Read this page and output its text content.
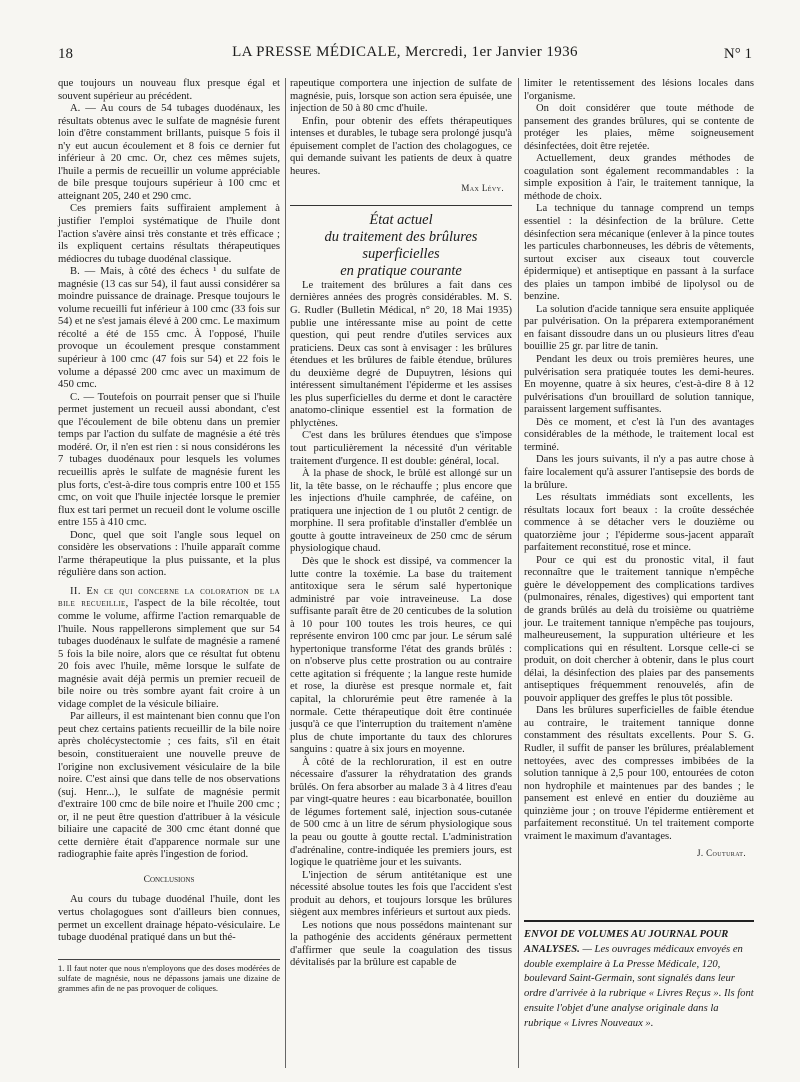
18	LA PRESSE MÉDICALE, Mercredi, 1er Janvier 1936	N° 1

que toujours un nouveau flux presque égal et souvent supérieur au précédent.

A. — Au cours de 54 tubages duodénaux, les résultats obtenus avec le sulfate de magnésie furent loin d'être constamment brillants, puisque 5 fois il n'y eut aucun écoulement et 8 fois ce dernier fut inférieur à 20 cmc. Or, chez ces mêmes sujets, l'huile a permis de recueillir un volume appréciable de bile presque toujours supérieur à 100 cmc et atteignant 205, 240 et 290 cmc.

Ces premiers faits suffiraient amplement à justifier l'emploi systématique de l'huile dont l'action s'avère ainsi très constante et très efficace ; ils expliquent certains résultats thérapeutiques médiocres du tubage duodénal classique.

B. — Mais, à côté des échecs ¹ du sulfate de magnésie (13 cas sur 54), il faut aussi considérer sa moindre puissance de drainage. Presque toujours le volume recueilli fut inférieur à 100 cmc (33 fois sur 54) et ne s'est jamais élevé à 200 cmc. Le maximum récolté a été de 155 cmc. À l'opposé, l'huile provoque un écoulement presque constamment supérieur à 100 cmc (47 fois sur 54) et 22 fois le volume a dépassé 200 cmc avec un maximum de 450 cmc.

C. — Toutefois on pourrait penser que si l'huile permet justement un recueil aussi abondant, c'est que l'écoulement de bile obtenu dans un premier temps par l'action du sulfate de magnésie a été très modéré. Or, il n'en est rien : si nous considérons les 7 tubages duodénaux pour lesquels les volumes recueillis après le sulfate de magnésie furent les plus forts, c'est-à-dire tous compris entre 100 et 155 cmc, on voit que l'huile injectée lorsque le premier flux est tari permet un recueil dont le volume oscille entre 155 à 410 cmc.

Donc, quel que soit l'angle sous lequel on considère les observations : l'huile apparaît comme l'arme thérapeutique la plus puissante, et la plus régulière dans son action.

II. En ce qui concerne la coloration de la bile recueillie, l'aspect de la bile récoltée, tout comme le volume, affirme l'action remarquable de l'huile. Nous rappellerons simplement que sur 54 tubages duodénaux le sulfate de magnésie a ramené 5 fois la bile noire, alors que ce résultat fut obtenu 20 fois avec l'huile, même lorsque le sulfate de magnésie avait déjà permis un premier recueil de bile noire ou très sombre ayant fait croire à un vidage complet de la vésicule biliaire.

Par ailleurs, il est maintenant bien connu que l'on peut chez certains patients recueillir de la bile noire après cholécystectomie ; ces faits, s'il en était besoin, constitueraient une nouvelle preuve de l'origine non exclusivement vésiculaire de la bile noire. C'est ainsi que dans telle de nos observations (suj. Henr...), le sulfate de magnésie permit d'extraire 100 cmc de bile noire et l'huile 200 cmc ; or, il ne peut être question d'attribuer à la vésicule biliaire une capacité de 300 cmc étant donné que cette dernière était d'apparence normale sur une radiographie faite après l'ingestion de foriod.

Conclusions

Au cours du tubage duodénal l'huile, dont les vertus cholagogues sont d'ailleurs bien connues, permet un excellent drainage hépato-vésiculaire. Le tubage duodénal pratiqué dans un but thé-

1. Il faut noter que nous n'employons que des doses modérées de sulfate de magnésie, nous ne dépassons jamais une dizaine de grammes afin de ne pas provoquer de coliques.

rapeutique comportera une injection de sulfate de magnésie, puis, lorsque son action sera épuisée, une injection de 50 à 80 cmc d'huile.

Enfin, pour obtenir des effets thérapeutiques intenses et durables, le tubage sera prolongé jusqu'à épuisement complet de l'action des cholagogues, ce qui demande suivant les patients de deux à quatre heures.

Max Lévy.

État actuel
du traitement des brûlures superficielles
en pratique courante

Le traitement des brûlures a fait dans ces dernières années des progrès considérables. M. S. G. Rudler (Bulletin Médical, n° 20, 18 Mai 1935) publie une intéressante mise au point de cette question, qui peut rendre d'utiles services aux praticiens. Deux cas sont à envisager : les brûlures étendues et les brûlures de faible étendue, brûlures du deuxième degré de Dupuytren, lésions qui intéressent simultanément l'épiderme et les assises les plus superficielles du derme et dont le caractère anatomo-clinique essentiel est la formation de phlyctènes.

C'est dans les brûlures étendues que s'impose tout particulièrement la nécessité d'un véritable traitement d'urgence. Il est double: général, local.

À la phase de shock, le brûlé est allongé sur un lit, la tête basse, on le réchauffe ; plus encore que les injections d'huile camphrée, de caféine, on pratiquera une injection de 1 ou plutôt 2 centigr. de morphine. Il sera profitable d'installer d'emblée un goutte à goutte intraveineux de 250 cmc de sérum physiologique chaud.

Dès que le shock est dissipé, va commencer la lutte contre la toxémie. La base du traitement antitoxique sera le sérum salé hypertonique administré par voie intraveineuse. La dose suffisante paraît être de 20 centicubes de la solution à 10 pour 100 toutes les trois heures, ce qui représente environ 100 cmc par jour. Le sérum salé hypertonique transforme l'état des grands brûlés : on n'observe plus cette prostration ou au contraire cette agitation si fréquente ; la langue reste humide et rose, la diurèse est presque normale et, fait capital, la chlorurémie peut être ramenée à la normale. Cette thérapeutique doit être continuée jusqu'à ce que l'interruption du traitement n'amène plus de chute importante du taux des chlorures sanguins : quatre à six jours en moyenne.

À côté de la rechloruration, il est en outre nécessaire d'assurer la réhydratation des grands brûlés. On fera absorber au malade 3 à 4 litres d'eau par vingt-quatre heures : eau bicarbonatée, bouillon de légumes fortement salé, injection sous-cutanée de 500 cmc à un litre de sérum physiologique sous la peau ou goutte à goutte rectal. L'administration d'adrénaline, contre-indiquée les premiers jours, est logique le quatrième jour et les suivants.

L'injection de sérum antitétanique est une nécessité absolue toutes les fois que l'accident s'est produit au dehors, et toujours lorsque les brûlures siègent aux membres inférieurs et surtout aux pieds.

Les notions que nous possédons maintenant sur la pathogénie des accidents généraux permettent d'affirmer que seule la coagulation des tissus dévitalisés par la brûlure est capable de

limiter le retentissement des lésions locales dans l'organisme.

On doit considérer que toute méthode de pansement des grandes brûlures, qui se contente de protéger les plaies, même soigneusement désinfectées, doit être rejetée.

Actuellement, deux grandes méthodes de coagulation sont également recommandables : la simple exposition à l'air, le traitement tannique, la méthode de choix.

La technique du tannage comprend un temps essentiel : la désinfection de la brûlure. Cette désinfection sera mécanique (enlever à la pince toutes les particules charbonneuses, les débris de vêtements, surtout exciser aux ciseaux tout couvercle épidermique) et antiseptique en passant à la surface des plaies un tampon imbibé de lipolysol ou de benzine.

La solution d'acide tannique sera ensuite appliquée par pulvérisation. On la préparera extemporanément en faisant dissoudre dans un ou plusieurs litres d'eau bouillie 25 gr. par litre de tanin.

Pendant les deux ou trois premières heures, une pulvérisation sera pratiquée toutes les demi-heures. En moyenne, quatre à six heures, c'est-à-dire 8 à 12 pulvérisations d'un brouillard de solution tannique, paraissent largement suffisantes.

Dès ce moment, et c'est là l'un des avantages considérables de la méthode, le traitement local est terminé.

Dans les jours suivants, il n'y a pas autre chose à faire localement qu'à assurer l'antisepsie des bords de la brûlure.

Les résultats immédiats sont excellents, les résultats locaux fort beaux : la croûte desséchée commence à se détacher vers le douzième ou quatorzième jour ; l'épiderme sous-jacent apparaît parfaitement reconstitué, rose et mince.

Pour ce qui est du pronostic vital, il faut reconnaître que le traitement tannique n'empêche guère le développement des complications tardives (pulmonaires, rénales, digestives) qui emportent tant de grands brûlés au delà du troisième ou quatrième jour. Le traitement tannique n'empêche pas toujours, malheureusement, la suppuration ultérieure et les complications qui en résultent. Lorsque celle-ci se produit, on doit chercher à obtenir, dans le plus court délai, la désinfection des plaies par des pansements antiseptiques fréquemment renouvelés, afin de pouvoir appliquer des greffes le plus tôt possible.

Dans les brûlures superficielles de faible étendue au contraire, le traitement tannique donne constamment des résultats excellents. Pour S. G. Rudler, il suffit de panser les brûlures, préalablement nettoyées, avec des compresses imbibées de la solution tannique à 2,5 pour 100, entourées de coton non hydrophile et maintenues par des bandes ; le pansement est enlevé en entier du douzième au quinzième jour ; on trouve l'épiderme entièrement et parfaitement reconstitué. Un tel traitement comporte vraiment le maximum d'avantages.

J. Couturat.

ENVOI DE VOLUMES AU JOURNAL POUR ANALYSES. — Les ouvrages médicaux envoyés en double exemplaire à La Presse Médicale, 120, boulevard Saint-Germain, sont signalés dans leur ordre d'arrivée à la rubrique « Livres Reçus ». Ils font ensuite l'objet d'une analyse originale dans la rubrique « Livres Nouveaux ».
